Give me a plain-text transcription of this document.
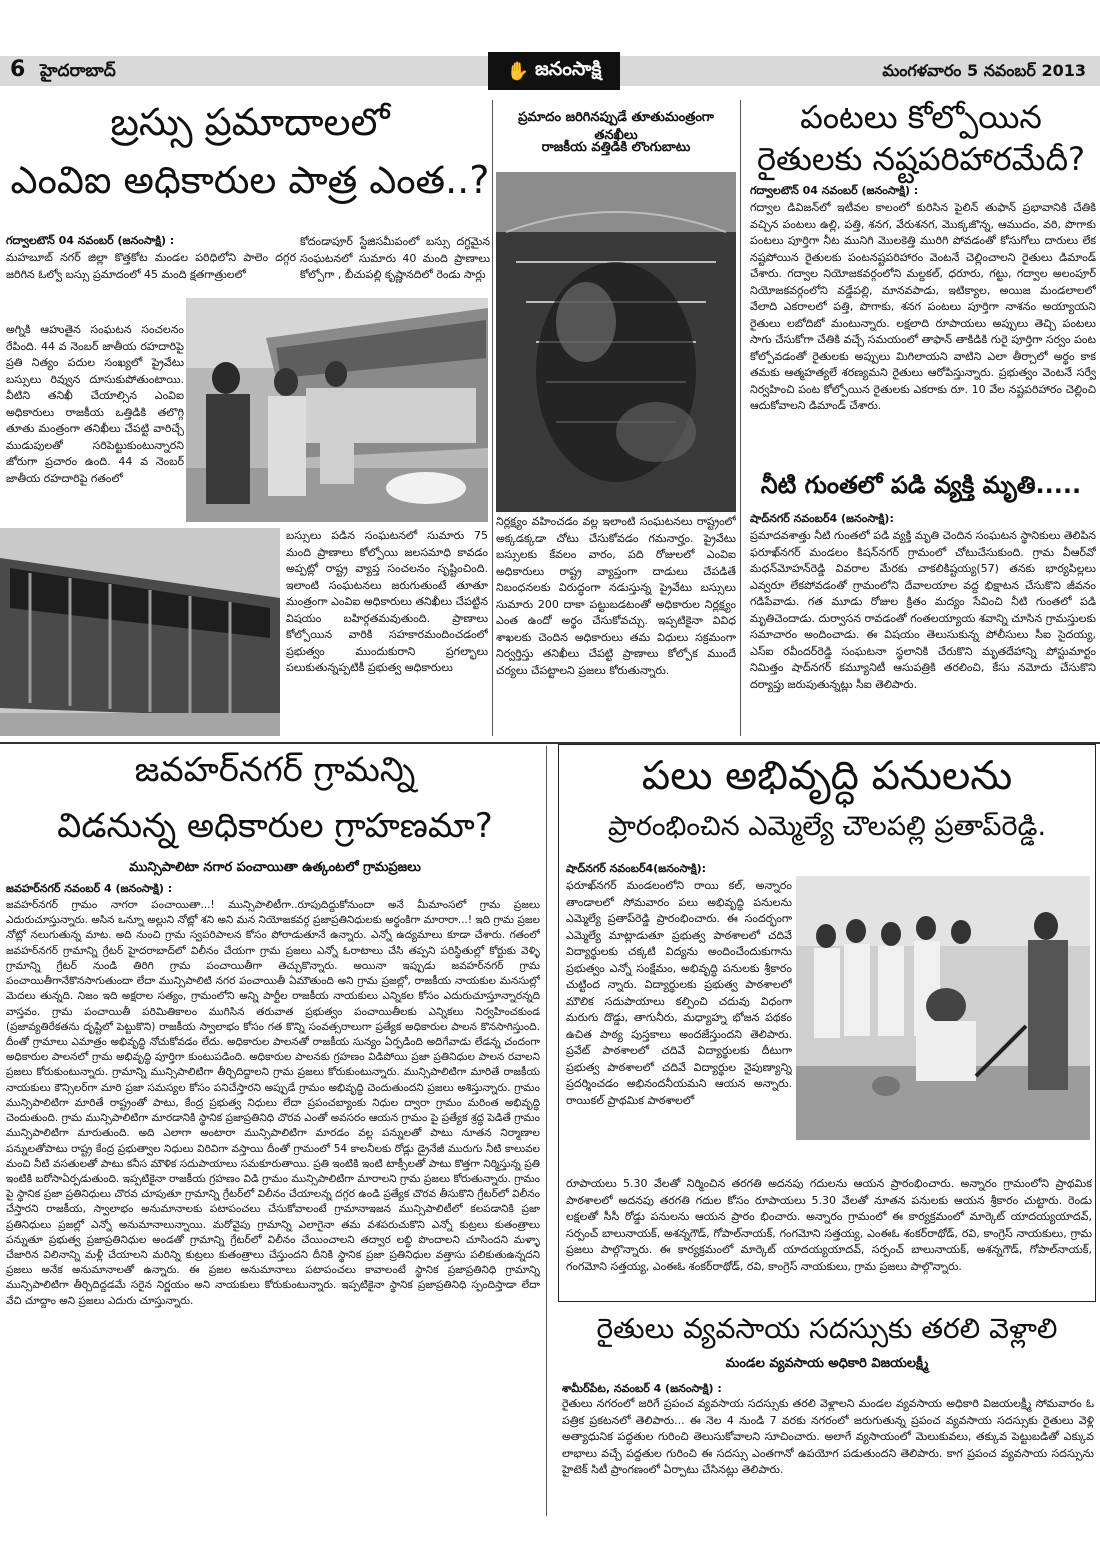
6 హైదరాబాద్	✋ జనంసాక్షి	మంగళవారం 5 నవంబర్ 2013
బ్రస్సు ప్రమాదాలలో
ఎంవిఐ అధికారుల పాత్ర ఎంత..?
గద్వాలటౌన్ 04 నవంబర్ (జనంసాక్షి) :
మహబూబ్ నగర్ జిల్లా కొత్తకోట మండల పరిధిలోని పాలెం దగ్గర జరిగిన ఓల్వో బస్సు ప్రమాదంలో 45 మంది క్షతగాత్రులలో
కోదండాపూర్ స్టేజిసమీపంలో బస్సు దగ్ధమైన సంఘటనలో సుమారు 40 మంది ప్రాణాలు కోల్పోగా , బీచుపల్లి కృష్ణానదిలో రెండు సార్లు
అగ్నికి ఆహుతైన సంఘటన సంచలనం రేపింది. 44 వ నెంబర్ జాతీయ రహదారిపై ప్రతి నిత్యం పదుల సంఖ్యలో ప్రైవేటు బస్సులు రివ్వున దూసుకుపోతుంటాయి. వీటిని తనిఖీ చేయాల్సిన ఎంవిఐ అధికారులు రాజకీయ ఒత్తిడికి తలొగ్గి తూతు మంత్రంగా తనిఖీలు చేపట్టి వారిచ్చే ముడుపులతో సరిపెట్టుకుంటున్నారని జోరుగా ప్రచారం ఉంది. 44 వ నెంబర్ జాతీయ రహదారిపై గతంలో
బస్సులు పడిన సంఘటనలో సుమారు 75 మంది ప్రాణాలు కోల్పోయి జలసమాధి కావడం అప్పట్లో రాష్ట్ర వ్యాప్త సంచలనం సృష్టించింది. ఇలాంటి సంఘటనలు జరుగుతుంటే తూతూ మంత్రంగా ఎంవిఐ అధికారులు తనిఖీలు చేపట్టిన విషయం బహిర్గతమవుతుంది. ప్రాణాలు కోల్పోయిన వారికి సహకారమందించడంలో ప్రభుత్వం ముందుకురాని ప్రగల్భాలు పలుకుతున్నప్పటికీ ప్రభుత్వ అధికారులు
ప్రమాదం జరిగినప్పుడే తూతుమంత్రంగా తనఖీలు
రాజకీయ వత్తిడికి లొంగుబాటు
నిర్లక్ష్యం వహించడం వల్ల ఇలాంటి సంఘటనలు రాష్ట్రంలో అక్కడక్కడా చోటు చేసుకోవడం గమనార్హం. ప్రైవేటు బస్సులకు కేవలం వారం, పది రోజులలో ఎంవిఐ అధికారులు రాష్ట్ర వ్యాప్తంగా దాడులు చేపడితే నిబంధనలకు విరుద్ధంగా నడుస్తున్న ప్రైవేటు బస్సులు సుమారు 200 దాకా పట్టుబడటంతో అధికారుల నిర్లక్ష్యం ఎంత ఉందో అర్థం చేసుకోవచ్చు. ఇప్పటికైనా వివిధ శాఖలకు చెందిన అధికారులు తమ విధులు సక్రమంగా నిర్వర్తిస్తు తనిఖీలు చేపట్టి ప్రాణాలు కోల్పోక ముందే చర్యలు చేపట్టాలని ప్రజలు కోరుతున్నారు.
పంటలు కోల్పోయిన
రైతులకు నష్టపరిహారమేదీ?
గద్వాలటౌన్ 04 నవంబర్ (జనంసాక్షి) :
గద్వాల డివిజన్‌లో ఇటీవల కాలంలో కురిసిన పైలిన్ తుఫాన్ ప్రభావానికి చేతికి వచ్చిన పంటలు ఉల్లి, పత్తి, శనగ, వేరుశనగ, మొక్కజొన్న, ఆముదం, వరి, పొగాకు పంటలు పూర్తిగా నీట మునిగి మొలకెత్తి మురిగి పోవడంతో కోసుగోలు దారులు లేక నష్టపోయిన రైతులకు పంటనష్టపరిహారం వెంటనే చెల్లించాలని రైతులు డిమాండ్ చేశారు. గద్వాల నియోజకవర్గంలోని మల్దకల్, ధరూరు, గట్టు, గద్వాల అలంపూర్ నియోజకవర్గంలోని వడ్డేపల్లి, మానవపాడు, ఇటిక్యాల, అయిజ మండలాలలో వేలాది ఎకరాలలో పత్తి, పొగాకు, శనగ పంటలు పూర్తిగా నాశనం అయ్యాయని రైతులు లబోదిబో మంటున్నారు. లక్షలాది రూపాయలు అప్పులు తెచ్చి పంటలు సాగు చేసుకోగా చేతికి వచ్చే సమయంలో తాఫాన్ తాకిడికి గురై పూర్తిగా సర్వం పంట కోల్పోవడంతో రైతులకు అప్పులు మిగిలాయని వాటిని ఎలా తీర్చాలో అర్థం కాక తమకు ఆత్మహత్యలే శరణ్యమని రైతులు ఆరోపిస్తున్నారు. ప్రభుత్వం వెంటనే సర్వే నిర్వహించి పంట కోల్పోయిన రైతులకు ఎకరాకు రూ. 10 వేల నష్టపరిహారం చెల్లించి ఆదుకోవాలని డిమాండ్ చేశారు.
నీటి గుంతలో పడి వ్యక్తి మృతి.....
షాద్‌నగర్ నవంబర్4 (జనంసాక్షి):
ప్రమాదవశాత్తు నీటి గుంతలో పడి వ్యక్తి మృతి చెందిన సంఘటన స్థానికులు తెలిపిన ఫరూఖ్‌నగర్ మండలం కిషన్‌నగర్ గ్రామంలో చోటుచేసుకుంది. గ్రామ వీఆర్‌వో మధన్‌మోహన్‌రెడ్డి వివరాల మేరకు చాకలికిష్టయ్య(57) తనకు భార్యపిల్లలు ఎవ్వరూ లేకపోవడంతో గ్రామంలోని దేవాలయాల వద్ద భిక్షాటన చేసుకొని జీవనం గడిపేవాడు. గత మూడు రోజుల క్రితం మద్యం సేవించి నీటి గుంతలో పడి మృతిచెందాడు. దుర్వాసన రావడంతో గంతలయ్యాయ శవాన్ని చూసిన గ్రామస్తులకు సమాచారం అందించాడు. ఈ విషయం తెలుసుకున్న పోలీసులు సీఐ సైదయ్య, ఎస్ఐ రవీందర్‌రెడ్డి సంఘటనా స్థలానికి చేరుకొని మృతదేహాన్ని పోస్టుమార్టం నిమిత్తం షాద్‌నగర్ కమ్యూనిటీ ఆసుపత్రికి తరలించి, కేసు నమోదు చేసుకొని దర్యాప్తు జరుపుతున్నట్లు సీఐ తెలిపారు.
జవహర్‌నగర్ గ్రామన్ని
విడనున్న అధికారుల గ్రాహణమా?
మున్సిపాలిటా నగార పంచాయితా ఉత్కంటలో గ్రామప్రజలు
జవహర్‌నగర్ నవంబర్ 4 (జనంసాక్షి) :
జవహర్‌నగర్ గ్రామం నాగరా పంచాయితా...! మున్సిపాలిటీగా..రూపుదిద్దుకోనుందా అనే మీమాంసలో గ్రామ ప్రజలు ఎదురుచూస్తున్నారు. అసిన ఒన్నూ అల్లుని నోట్లో శని అని మన నియోజకవర్గ ప్రజాప్రతినిధులకు అర్థంకిగా మారారా...! ఇది గ్రామ ప్రజల నోట్లో నలుగుతున్న మాట. అది నుంచి గ్రామ స్వపరిపాలన కోసం పోరాడుతూనే ఉన్నారు. ఎన్నో ఉద్యమాలు కూడా చేశారు. గతంలో జవహర్‌నగర్ గ్రామాన్ని గ్రేటర్ హైదరాబాద్‌లో విలీనం చేయగా గ్రామ ప్రజలు ఎన్నో ఓరాటాలు చేసి తప్పని పరిస్థితుల్లో కోర్టుకు వెళ్ళి గ్రామాన్ని గ్రేటర్ నుండి తిరిగి గ్రామ పంచాయితీగా తెచ్చుకొన్నారు. అయినా ఇప్పుడు జవహర్‌నగర్ గ్రామ పంచాయితీగానేకొనసాగుతుందా లేదా మున్సిపాలిటి నగర పంచాయితీ ఏమౌతుంది అని గ్రామ ప్రజల్లో, రాజకీయ నాయకుల మనసుల్లో మెదలు తున్నది. నిజం ఇది అక్షరాల సత్యం, గ్రామంలోని అన్ని పార్టీల రాజకీయ నాయకులు ఎన్నికల కోసం ఎదురుచూస్తూన్నారన్నది వాస్తవం. గ్రామ పంచాయితీ పరిమితికాలం ముగిసిన తరువాత ప్రభుత్వం పంచాయితీలకు ఎన్నికలు నిర్వహించకుండ (ప్రజావ్యతిరేకతను దృష్టిలో పెట్టుకొని) రాజకీయ స్వాలాభం కోసం గత కొన్ని సంవత్సరాలుగా ప్రత్యేక అధికారుల పాలన కొనసాగిస్తుంది. దీంతో గ్రామాలు ఎమాత్రం అభివృద్ధి నోచుకోవడం లేదు. అధికారుల పాలనతో రాజకీయ సున్యం ఏర్పడింది అదిగేవాడు లేడన్న చందంగా అధికారుల పాలనలో గ్రామ అభివృద్ధి పూర్తిగా కుంటుపడింది. అధికారుల పాలనకు గ్రహణం విడిపోయి ప్రజా ప్రతినిధుల పాలన రవాలని ప్రజలు కోరుకుంటున్నారు. గ్రామాన్ని మున్సిపాలిటిగా తీర్చిదిద్దాలని గ్రామ ప్రజలు కోరుకుంటున్నారు. మున్సిపాలిటిగా మారితే రాజకీయ నాయకులు కౌన్సిలర్‌గా మారి ప్రజా సమస్యల కోసం పనిచేస్తారని అప్పుడే గ్రామం అభివృద్ధి చెందుతుందని ప్రజలు అశిస్తున్నారు. గ్రామం మున్సిపాలిటిగా మారితే రాష్ట్రంతో పాటు, కేంద్ర ప్రభుత్వ నిధులు లేదా ప్రపంచబ్యాంకు నిధుల ద్వారా గ్రామం మరింత అభివృద్ధి చెందుతుంది. గ్రామ మున్సిపాలిటిగా మారడానికి స్థానిక ప్రజాప్రతినిధి చొరవ ఎంతో అవసరం ఆయన గ్రామం పై ప్రత్యేక శ్రద్ధ పెడితే గ్రామం మున్సిపాలిటిగా మారుతుంది. అది ఎలాగా అంటారా మున్సిపాలిటిగా మారడం వల్ల పన్నులతో పాటు నూతన నిర్మాణాల పన్నులతోపాటు రాష్ట్ర కేంద్ర ప్రభుత్వాల నిధులు విరివిగా వస్తాయి దీంతో గ్రామంలో 54 కాలనీలకు రోడ్లు డ్రైనేజీ మురుగు నీటి కాలువల మంచి నీటి వసతులతో పాటు కనీస మౌళిక సదుపాయాలు సమకూరుతాయి. ప్రతి ఇంటికి ఇంటి టాక్సీలతో పాటు కొత్తగా నిర్మిస్తున్న ప్రతి ఇంటికి బరోసాఏర్పడుతుంది. ఇప్పటికైనా రాజకీయ గ్రహణం విడి గ్రామం మున్సిపాలిటిగా మారాలని గ్రామ ప్రజలు కోరుతున్నారు. గ్రామం పై స్థానిక ప్రజా ప్రతినిధులు చొరవ చూపుతూ గ్రామాన్ని గ్రేటర్‌లో విలీనం చేయాలన్న దగ్గర ఉండి ప్రత్యేక చొరవ తీసుకొని గ్రేటర్‌లో విలీనం చేస్తారని రాజకీయ, స్వాలాభం అనుమానాలకు పటాపంచలు చేసుకోవాలంటే గ్రామానాఇజన మున్సిపాలిటీలో కలపడానికి ప్రజా ప్రతినిధులు ప్రజల్లో ఎన్నో అనుమానాలున్నాయి. మరోవైపు గ్రామాన్ని ఎలాగైనా తమ వశపరుచుకొని ఎన్నో కుట్రలు కుతంత్రాలు పన్నుతూ ప్రభుత్వ ప్రజాప్రతినిధుల అండతో గ్రామాన్ని గ్రేటర్‌లో విలీనం చేయించాలని తద్వార లబ్ధి పొందాలని చూసిందని మళ్ళా చేజారిన విలినాన్ని మళ్లీ చేయాలని మరిన్ని కుట్రలు కుతంత్రాలు చేస్తుందని దీనికి స్థానిక ప్రజా ప్రతినిధుల వత్తాసు పలికుతుఉన్నదని ప్రజలు అనేక అనుమానాలతో ఉన్నారు. ఈ ప్రజల అనుమానాలు పటాపంచలు కావాలంటే స్థానిక ప్రజాప్రతినిధి గ్రామాన్ని మున్సిపాలిటిగా తీర్చిదిద్దడమే సరైన నిర్ణయం అని నాయకులు కోరుకుంటున్నారు. ఇప్పటికైనా స్థానిక ప్రజాప్రతినిధి స్పందిస్తాడా లేదా వేచి చూద్దాం అని ప్రజలు ఎదురు చూస్తున్నారు.
పలు అభివృద్ధి పనులను
ప్రారంభించిన ఎమ్మెల్యే చౌలపల్లి ప్రతాప్‌రెడ్డి.
షాద్‌నగర్ నవంబర్4(జనంసాక్షి):
ఫరూఖ్‌నగర్ మండలంలోని రాయి కల్, అన్నారం తాండాలలో సోమవారం పలు అభివృద్ధి పనులను ఎమ్మెల్యే ప్రతాప్‌రెడ్డి ప్రారంభించారు. ఈ సందర్భంగా ఎమ్మెల్యే మాట్లాడుతూ ప్రభుత్వ పాఠశాలలో చదివే విద్యార్థులకు చక్కటి విద్యను అందించేందుకుగాను ప్రభుత్వం ఎన్నో సంక్షేమం, అభివృద్ధి పనులకు శ్రీకారం చుట్టింద న్నారు. విద్యార్థులకు ప్రభుత్వ పాఠశాలలో మౌలిక సదుపాయాలు కల్పించి చదువు విధంగా మరుగు దొడ్డు, తాగునీరు, మధ్యాహ్న భోజన పథకం ఉచిత పాఠ్య పుస్తకాలు అందజేస్తుందని తెలిపారు. ప్రవేట్ పాఠశాలలో చదివే విద్యార్థులకు దీటుగా ప్రభుత్వ పాఠశాలలో చదివే విద్యార్థుల నైపుణ్యాన్ని ప్రదర్శించడం అభినందనీయమని ఆయన అన్నారు. రాయికల్ ప్రాథమిక పాఠశాలలో
రూపాయలు 5.30 వేలతో నిర్మించిన తరగతి అదనపు గదులను ఆయన ప్రారంభించారు. అన్నారం గ్రామంలోని ప్రాథమిక పాఠశాలలో అదనపు తరగతి గదుల కోసం రూపాయలు 5.30 వేలతో నూతన పనులకు ఆయన శ్రీకారం చుట్టారు. రెండు లక్షలతో సీసీ రోడ్డు పనులను ఆయన ప్రారం భించారు. అన్నారం గ్రామంలో ఈ కార్యక్రమంలో మార్కెట్ యాదయ్యయాదవ్, సర్పంచ్ బాలునాయక్, అశన్నగౌడ్, గోపాల్‌నాయక్, గంగమోని సత్తయ్య, ఎంఈఓ శంకర్‌రాథోడ్, రవి, కాంగ్రెస్ నాయకులు, గ్రామ ప్రజలు పాల్గొన్నారు. ఈ కార్యక్రమంలో మార్కెట్ యాదయ్యయాదవ్, సర్పంచ్ బాలునాయక్, అశన్నగౌడ్, గోపాల్‌నాయక్, గంగమోని సత్తయ్య, ఎంఈఓ శంకర్‌రాథోడ్, రవి, కాంగ్రెస్ నాయకులు, గ్రామ ప్రజలు పాల్గొన్నారు.
రైతులు వ్యవసాయ సదస్సుకు తరలి వెళ్లాలి
మండల వ్యవసాయ అధికారి విజయలక్ష్మీ
శామీర్‌పేట, నవంబర్ 4 (జనంసాక్షి) :
రైతులు నగరంలో జరిగే ప్రపంచ వ్యవసాయ సదస్సుకు తరలి వెళ్లాలని మండల వ్యవసాయ అధికారి విజయలక్ష్మీ సోమవారం ఓ పత్రిక ప్రకటనలో తెలిపారు... ఈ నెల 4 నుండి 7 వరకు నగరంలో జరుగుతున్న ప్రపంచ వ్యవసాయ సదస్సుకు రైతులు వెళ్లి అత్యాధునిక పద్ధతుల గురించి తెలుసుకోవాలని సూచించారు. అలాగే వ్యసాయంలో మెలుకువలు, తక్కువ పెట్టుబడితో ఎక్కువ లాభాలు వచ్చే పద్దతుల గురించి ఈ సదస్సు ఎంతగానో ఉపయోగ పడుతుందని తెలిపారు. కాగ ప్రపంచ వ్యవసాయ సదస్సును హైటెక్ సిటీ ప్రాంగణంలో ఏర్పాటు చేసినట్లు తెలిపారు.
